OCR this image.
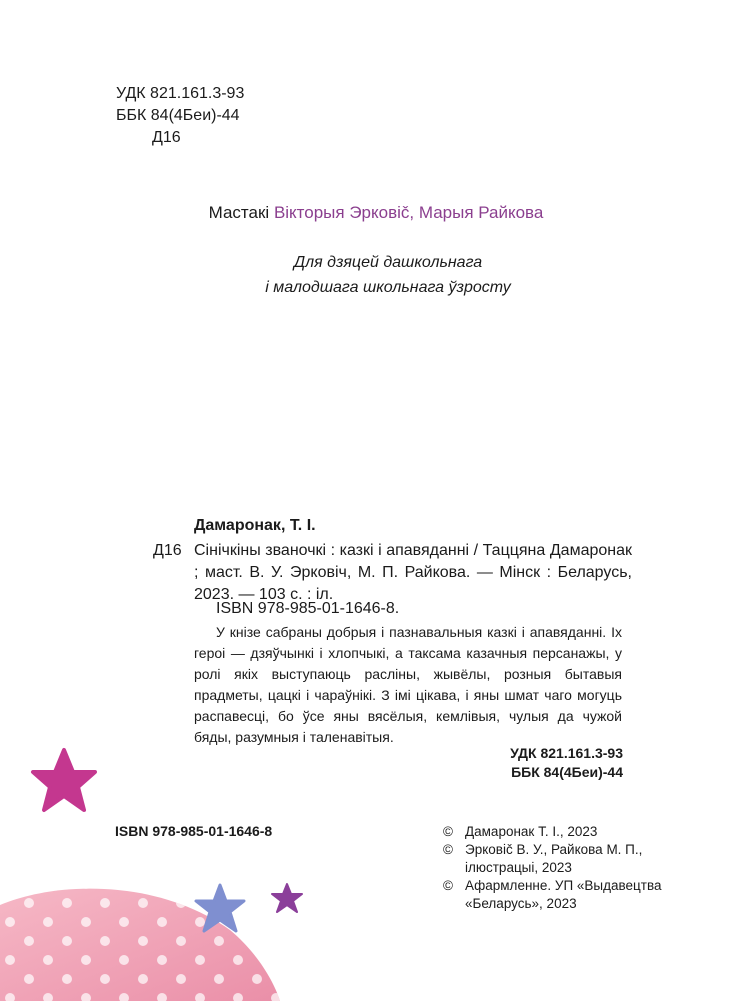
УДК 821.161.3-93
ББК 84(4Беи)-44
Д16
Мастакі Вікторыя Эрковіč, Марыя Райкова
Для дзяцей дашкольнага
і малодшага школьнага ўзросту
Дамаронак, Т. І.
Д16 Сінічкіны званочкі : казкі і апавяданні / Таццяна Дамаронак ; маст. В. У. Эрковіч, М. П. Райкова. — Мінск : Беларусь, 2023. — 103 с. : іл.
ISBN 978-985-01-1646-8.
У кнізе сабраны добрыя і пазнавальныя казкі і апавяданні. Іх героі — дзяўчынкі і хлопчыкі, а таксама казачныя персанажы, у ролі якіх выступаюць расліны, жывёлы, розныя бытавыя прадметы, цацкі і чараўнікі. З імі цікава, і яны шмат чаго могуць распавесці, бо ўсе яны вясёлыя, кемлівыя, чулыя да чужой бяды, разумныя і таленавітыя.
УДК 821.161.3-93
ББК 84(4Беи)-44
ISBN 978-985-01-1646-8	© Дамаронак Т. І., 2023
© Эрковіč В. У., Райкова М. П., ілюстрацыі, 2023
© Афармленне. УП «Выдавецтва «Беларусь», 2023
